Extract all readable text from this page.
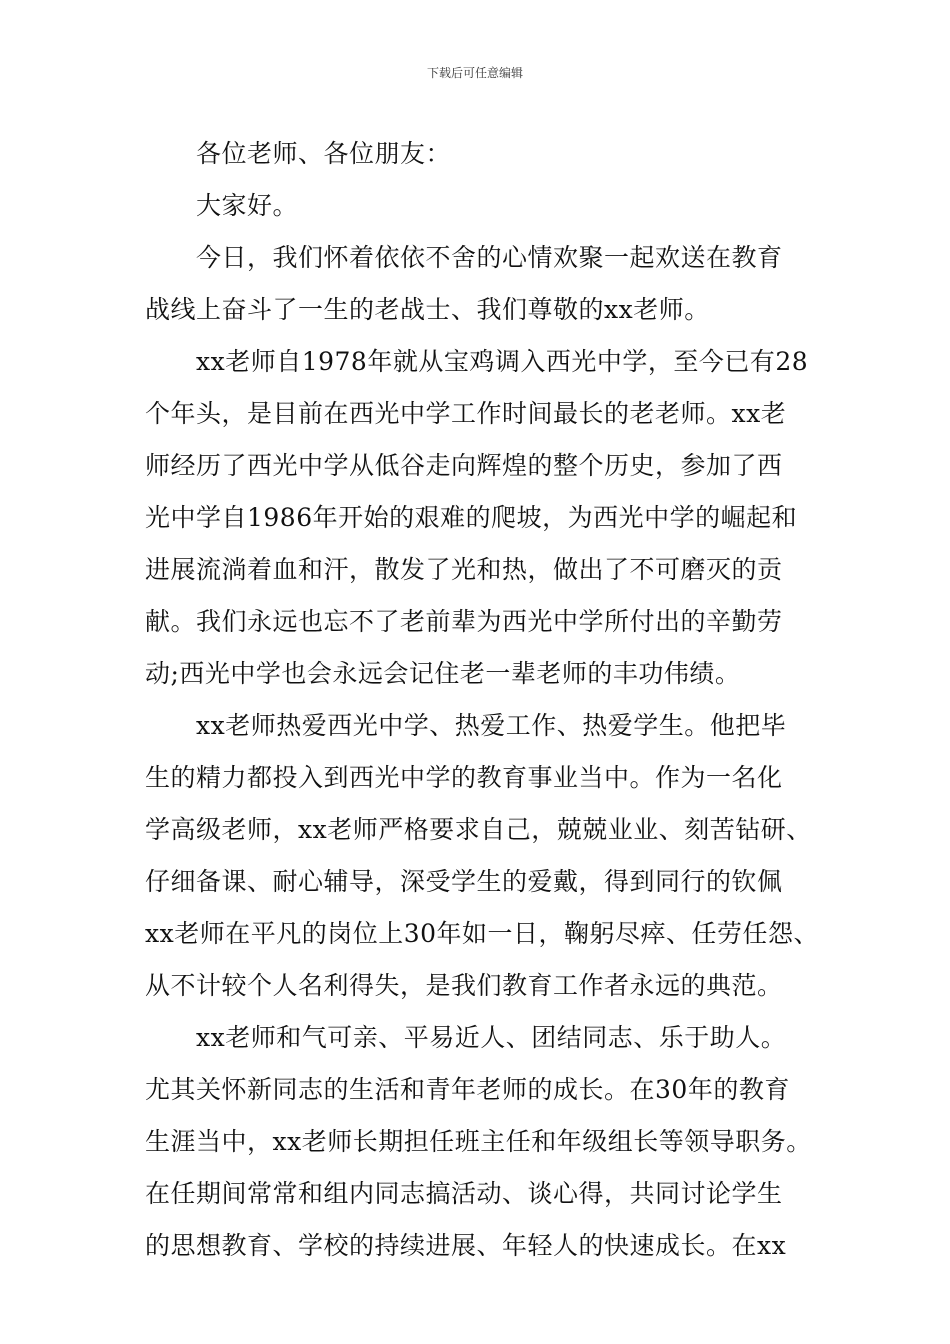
下载后可任意编辑
各位老师、各位朋友：
大家好。
今日，我们怀着依依不舍的心情欢聚一起欢送在教育
战线上奋斗了一生的老战士、我们尊敬的xx老师。
xx老师自1978年就从宝鸡调入西光中学，至今已有28
个年头，是目前在西光中学工作时间最长的老老师。xx老
师经历了西光中学从低谷走向辉煌的整个历史，参加了西
光中学自1986年开始的艰难的爬坡，为西光中学的崛起和
进展流淌着血和汗，散发了光和热，做出了不可磨灭的贡
献。我们永远也忘不了老前辈为西光中学所付出的辛勤劳
动;西光中学也会永远会记住老一辈老师的丰功伟绩。
xx老师热爱西光中学、热爱工作、热爱学生。他把毕
生的精力都投入到西光中学的教育事业当中。作为一名化
学高级老师，xx老师严格要求自己，兢兢业业、刻苦钻研、
仔细备课、耐心辅导，深受学生的爱戴，得到同行的钦佩
xx老师在平凡的岗位上30年如一日，鞠躬尽瘁、任劳任怨、
从不计较个人名利得失，是我们教育工作者永远的典范。
xx老师和气可亲、平易近人、团结同志、乐于助人。
尤其关怀新同志的生活和青年老师的成长。在30年的教育
生涯当中，xx老师长期担任班主任和年级组长等领导职务。
在任期间常常和组内同志搞活动、谈心得，共同讨论学生
的思想教育、学校的持续进展、年轻人的快速成长。在xx
